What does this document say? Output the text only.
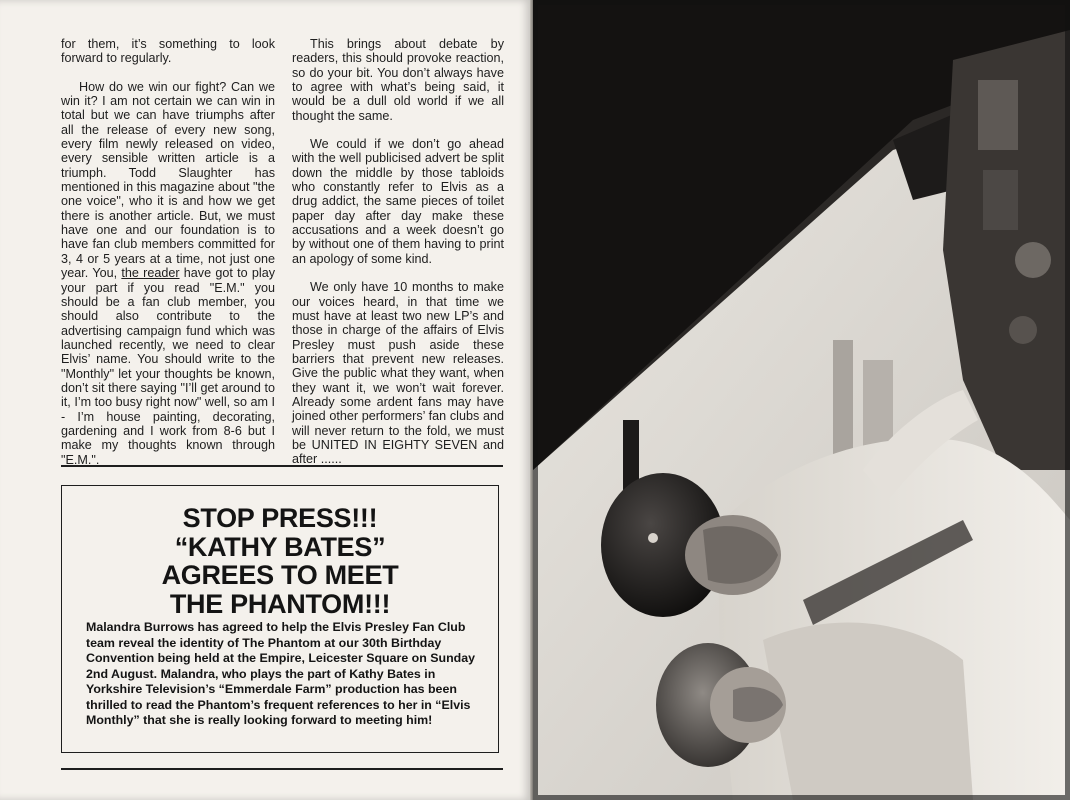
for them, it’s something to look forward to regularly.

How do we win our fight? Can we win it? I am not certain we can win in total but we can have triumphs after all the release of every new song, every film newly released on video, every sensible written article is a triumph. Todd Slaughter has mentioned in this magazine about "the one voice", who it is and how we get there is another article. But, we must have one and our foundation is to have fan club members committed for 3, 4 or 5 years at a time, not just one year. You, the reader have got to play your part if you read "E.M." you should be a fan club member, you should also contribute to the advertising campaign fund which was launched recently, we need to clear Elvis’ name. You should write to the "Monthly" let your thoughts be known, don’t sit there saying "I’ll get around to it, I’m too busy right now" well, so am I - I’m house painting, decorating, gardening and I work from 8-6 but I make my thoughts known through "E.M.".

This brings about debate by readers, this should provoke reaction, so do your bit. You don’t always have to agree with what’s being said, it would be a dull old world if we all thought the same.

We could if we don’t go ahead with the well publicised advert be split down the middle by those tabloids who constantly refer to Elvis as a drug addict, the same pieces of toilet paper day after day make these accusations and a week doesn’t go by without one of them having to print an apology of some kind.

We only have 10 months to make our voices heard, in that time we must have at least two new LP’s and those in charge of the affairs of Elvis Presley must push aside these barriers that prevent new releases. Give the public what they want, when they want it, we won’t wait forever. Already some ardent fans may have joined other performers’ fan clubs and will never return to the fold, we must be UNITED IN EIGHTY SEVEN and after ......

STOP PRESS!!!
“KATHY BATES”
AGREES TO MEET
THE PHANTOM!!!
Malandra Burrows has agreed to help the Elvis Presley Fan Club team reveal the identity of The Phantom at our 30th Birthday Convention being held at the Empire, Leicester Square on Sunday 2nd August. Malandra, who plays the part of Kathy Bates in Yorkshire Television’s “Emmerdale Farm” production has been thrilled to read the Phantom’s frequent references to her in “Elvis Monthly” that she is really looking forward to meeting him!
